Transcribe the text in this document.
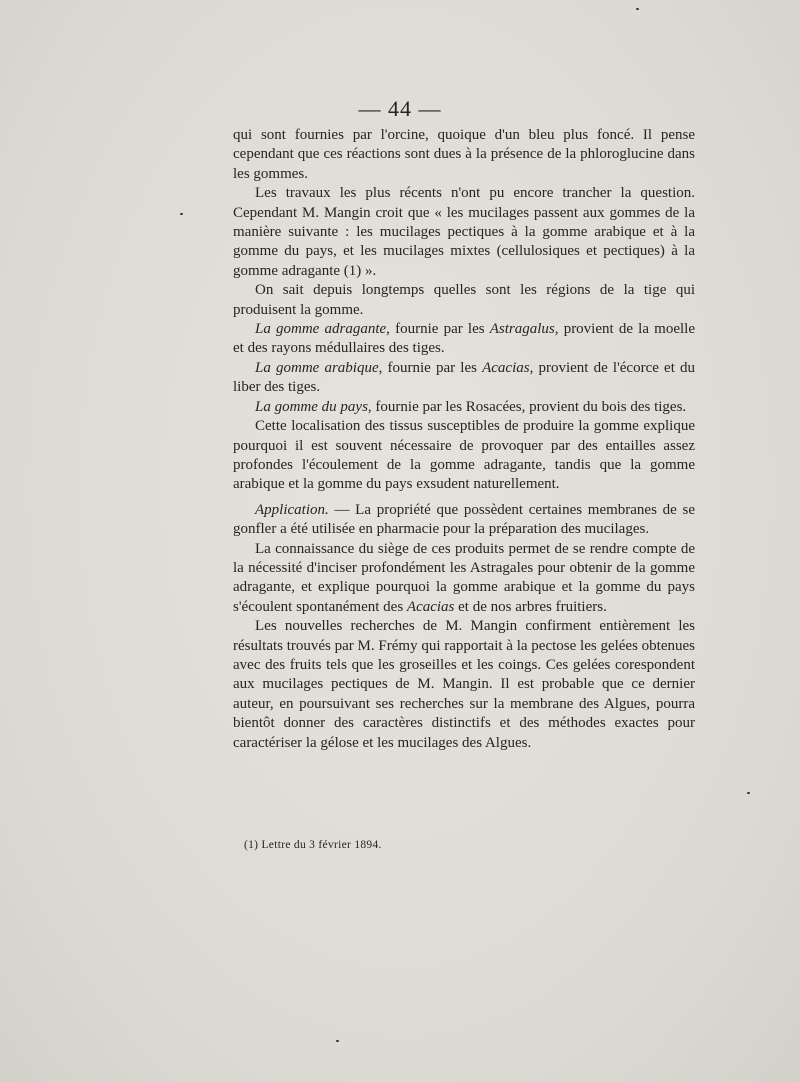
— 44 —

qui sont fournies par l'orcine, quoique d'un bleu plus foncé. Il pense cependant que ces réactions sont dues à la présence de la phloroglucine dans les gommes.

Les travaux les plus récents n'ont pu encore trancher la question. Cependant M. Mangin croit que « les mucilages passent aux gommes de la manière suivante : les mucilages pectiques à la gomme arabique et à la gomme du pays, et les mucilages mixtes (cellulosiques et pectiques) à la gomme adragante (1) ».

On sait depuis longtemps quelles sont les régions de la tige qui produisent la gomme.

La gomme adragante, fournie par les Astragalus, provient de la moelle et des rayons médullaires des tiges.

La gomme arabique, fournie par les Acacias, provient de l'écorce et du liber des tiges.

La gomme du pays, fournie par les Rosacées, provient du bois des tiges.

Cette localisation des tissus susceptibles de produire la gomme explique pourquoi il est souvent nécessaire de provoquer par des entailles assez profondes l'écoulement de la gomme adragante, tandis que la gomme arabique et la gomme du pays exsudent naturellement.

Application. — La propriété que possèdent certaines membranes de se gonfler a été utilisée en pharmacie pour la préparation des mucilages.

La connaissance du siège de ces produits permet de se rendre compte de la nécessité d'inciser profondément les Astragales pour obtenir de la gomme adragante, et explique pourquoi la gomme arabique et la gomme du pays s'écoulent spontanément des Acacias et de nos arbres fruitiers.

Les nouvelles recherches de M. Mangin confirment entièrement les résultats trouvés par M. Frémy qui rapportait à la pectose les gelées obtenues avec des fruits tels que les groseilles et les coings. Ces gelées corespondent aux mucilages pectiques de M. Mangin. Il est probable que ce dernier auteur, en poursuivant ses recherches sur la membrane des Algues, pourra bientôt donner des caractères distinctifs et des méthodes exactes pour caractériser la gélose et les mucilages des Algues.

(1) Lettre du 3 février 1894.
